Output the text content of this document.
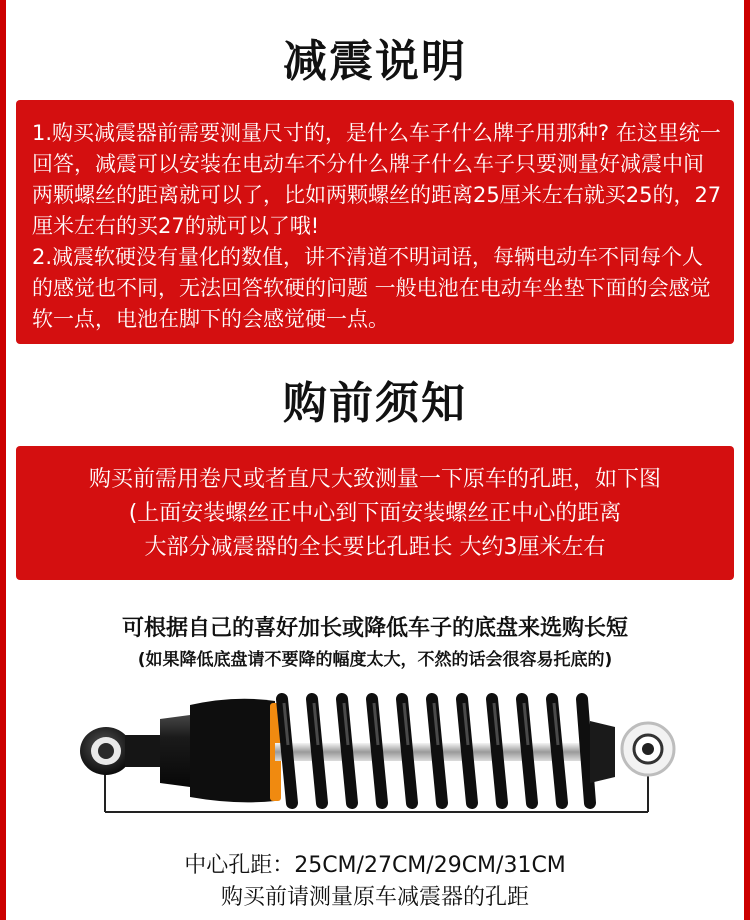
减震说明
1.购买减震器前需要测量尺寸的，是什么车子什么牌子用那种? 在这里统一回答，减震可以安装在电动车不分什么牌子什么车子只要测量好减震中间两颗螺丝的距离就可以了，比如两颗螺丝的距离25厘米左右就买25的，27厘米左右的买27的就可以了哦!
2.减震软硬没有量化的数值，讲不清道不明词语，每辆电动车不同每个人的感觉也不同，无法回答软硬的问题 一般电池在电动车坐垫下面的会感觉软一点，电池在脚下的会感觉硬一点。
购前须知
购买前需用卷尺或者直尺大致测量一下原车的孔距，如下图
(上面安装螺丝正中心到下面安装螺丝正中心的距离
大部分减震器的全长要比孔距长 大约3厘米左右
可根据自己的喜好加长或降低车子的底盘来选购长短
(如果降低底盘请不要降的幅度太大，不然的话会很容易托底的)
中心孔距：25CM/27CM/29CM/31CM
购买前请测量原车减震器的孔距
